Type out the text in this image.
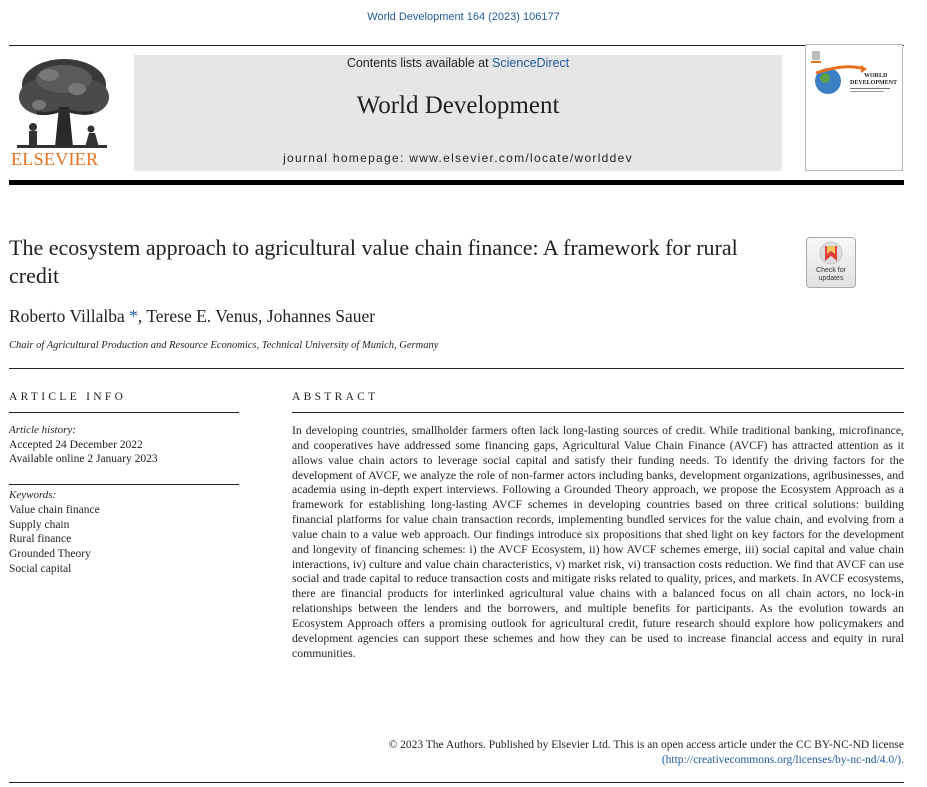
World Development 164 (2023) 106177
ELSEVIER
Contents lists available at ScienceDirect
World Development
journal homepage: www.elsevier.com/locate/worlddev
WORLD
DEVELOPMENT
The ecosystem approach to agricultural value chain finance: A framework for rural credit	Check for
updates
Roberto Villalba *, Terese E. Venus, Johannes Sauer
Chair of Agricultural Production and Resource Economics, Technical University of Munich, Germany
ARTICLE INFO	ABSTRACT
Article history:
Accepted 24 December 2022
Available online 2 January 2023
Keywords:
Value chain finance
Supply chain
Rural finance
Grounded Theory
Social capital

In developing countries, smallholder farmers often lack long-lasting sources of credit. While traditional banking, microfinance, and cooperatives have addressed some financing gaps, Agricultural Value Chain Finance (AVCF) has attracted attention as it allows value chain actors to leverage social capital and satisfy their funding needs. To identify the driving factors for the development of AVCF, we analyze the role of non-farmer actors including banks, development organizations, agribusinesses, and academia using in-depth expert interviews. Following a Grounded Theory approach, we propose the Ecosystem Approach as a framework for establishing long-lasting AVCF schemes in developing countries based on three critical solutions: building financial platforms for value chain transaction records, implementing bundled services for the value chain, and evolving from a value chain to a value web approach. Our findings introduce six propositions that shed light on key factors for the development and longevity of financing schemes: i) the AVCF Ecosystem, ii) how AVCF schemes emerge, iii) social capital and value chain interactions, iv) culture and value chain characteristics, v) market risk, vi) transaction costs reduction. We find that AVCF can use social and trade capital to reduce transaction costs and mitigate risks related to quality, prices, and markets. In AVCF ecosystems, there are financial products for interlinked agricultural value chains with a balanced focus on all chain actors, no lock-in relationships between the lenders and the borrowers, and multiple benefits for participants. As the evolution towards an Ecosystem Approach offers a promising outlook for agricultural credit, future research should explore how policymakers and development agencies can support these schemes and how they can be used to increase financial access and equity in rural communities.

© 2023 The Authors. Published by Elsevier Ltd. This is an open access article under the CC BY-NC-ND license
(http://creativecommons.org/licenses/by-nc-nd/4.0/).
